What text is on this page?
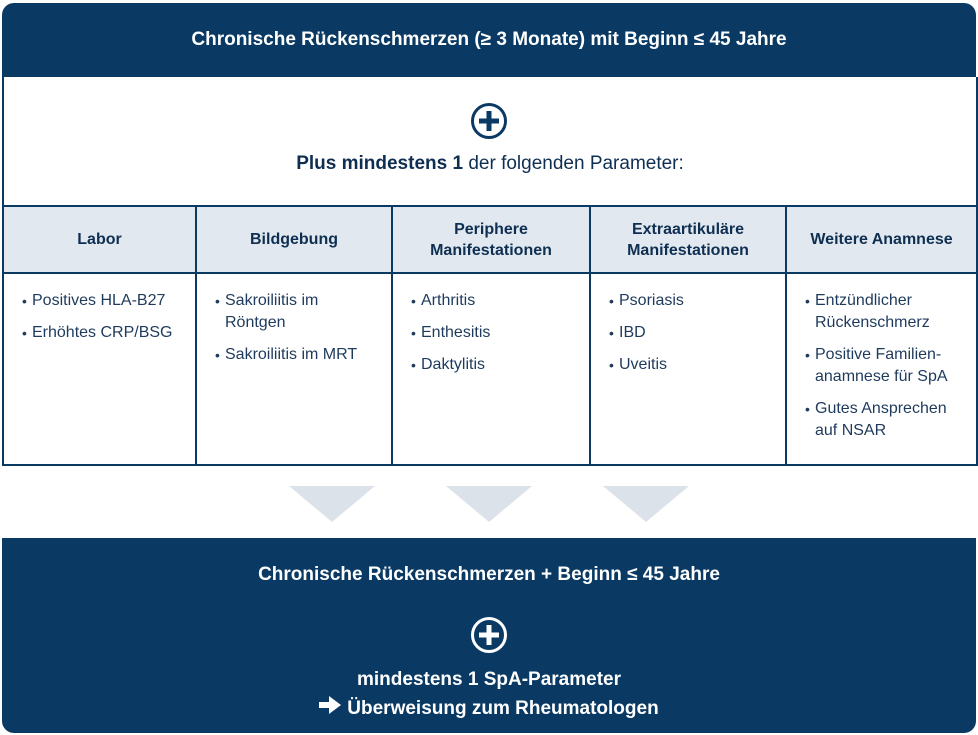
Chronische Rückenschmerzen (≥ 3 Monate) mit Beginn ≤ 45 Jahre
Plus mindestens 1 der folgenden Parameter:
Labor
• Positives HLA-B27
• Erhöhtes CRP/BSG
Bildgebung
• Sakroiliitis im Röntgen
• Sakroiliitis im MRT
Periphere Manifestationen
• Arthritis
• Enthesitis
• Daktylitis
Extraartikuläre Manifestationen
• Psoriasis
• IBD
• Uveitis
Weitere Anamnese
• Entzündlicher Rückenschmerz
• Positive Familien-anamnese für SpA
• Gutes Ansprechen auf NSAR
Chronische Rückenschmerzen + Beginn ≤ 45 Jahre
mindestens 1 SpA-Parameter
Überweisung zum Rheumatologen
